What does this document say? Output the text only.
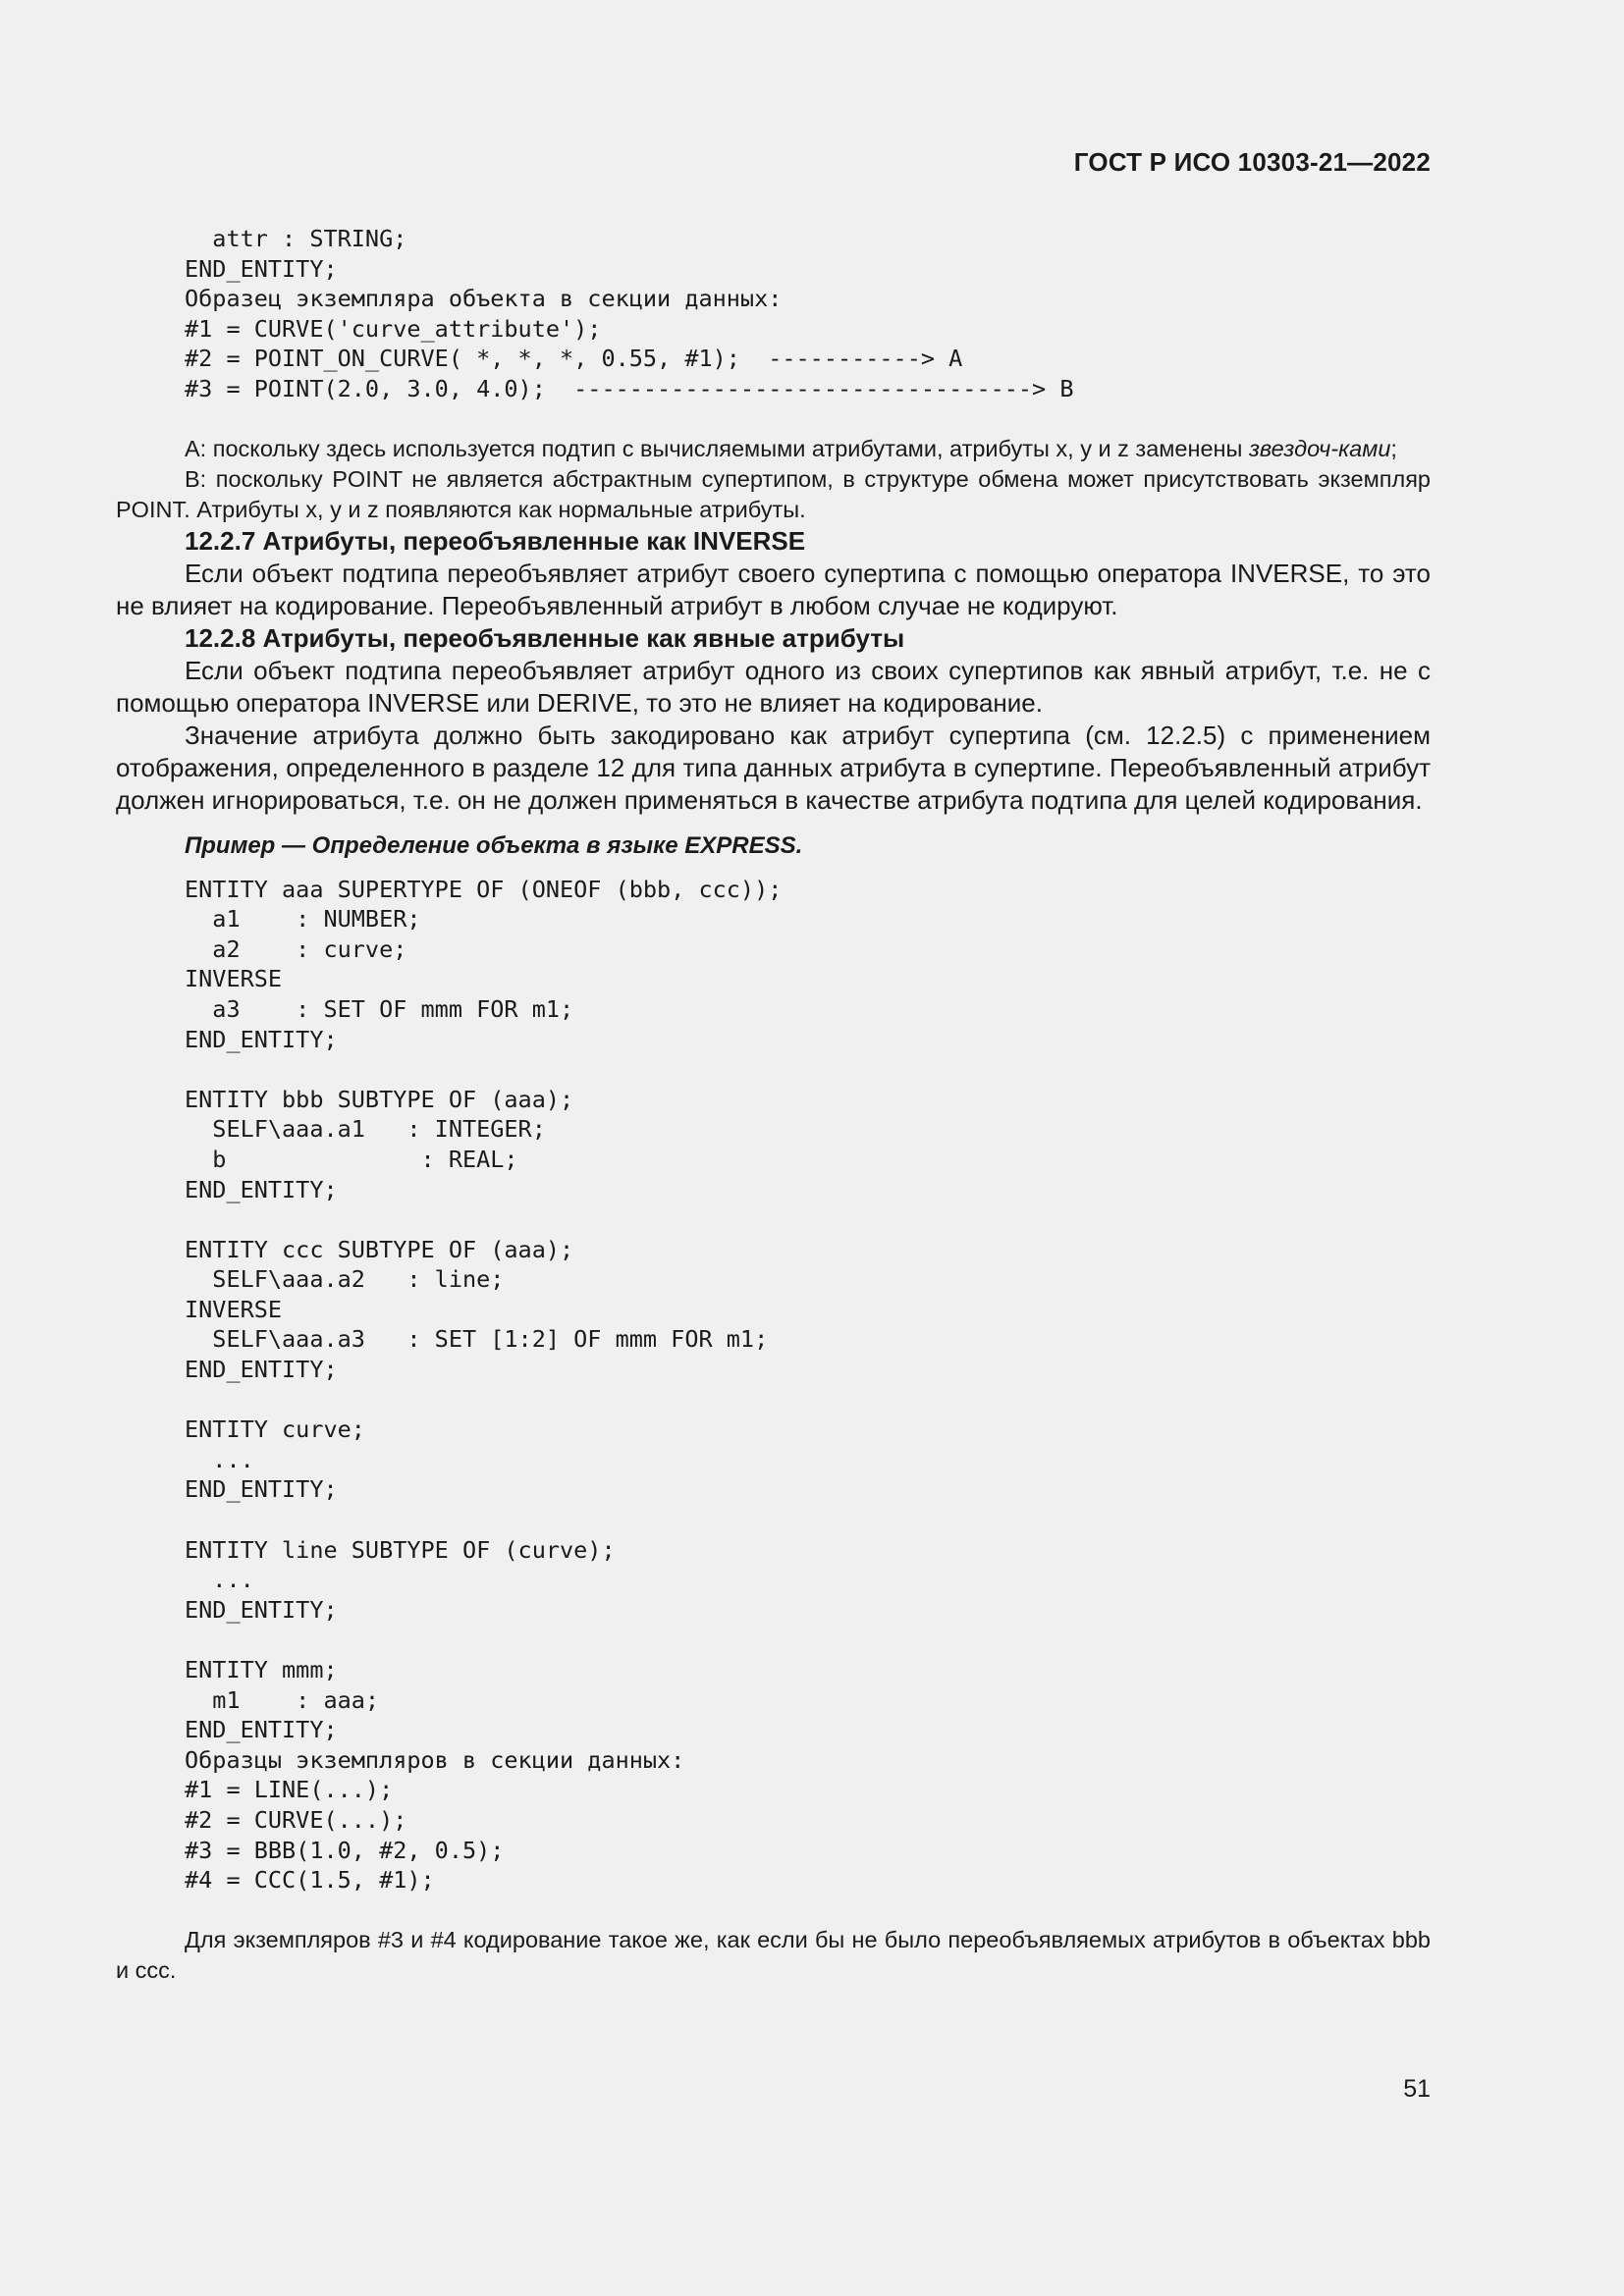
ГОСТ Р ИСО 10303-21—2022
attr : STRING;
END_ENTITY;
Образец экземпляра объекта в секции данных:
#1 = CURVE('curve_attribute');
#2 = POINT_ON_CURVE( *, *, *, 0.55, #1);  -----------> A
#3 = POINT(2.0, 3.0, 4.0);  ---------------------------------> B

A: поскольку здесь используется подтип с вычисляемыми атрибутами, атрибуты x, y и z заменены звездоч-ками;

B: поскольку POINT не является абстрактным супертипом, в структуре обмена может присутствовать экземпляр POINT. Атрибуты x, y и z появляются как нормальные атрибуты.

12.2.7 Атрибуты, переобъявленные как INVERSE

Если объект подтипа переобъявляет атрибут своего супертипа с помощью оператора INVERSE, то это не влияет на кодирование. Переобъявленный атрибут в любом случае не кодируют.

12.2.8 Атрибуты, переобъявленные как явные атрибуты

Если объект подтипа переобъявляет атрибут одного из своих супертипов как явный атрибут, т.е. не с помощью оператора INVERSE или DERIVE, то это не влияет на кодирование.

Значение атрибута должно быть закодировано как атрибут супертипа (см. 12.2.5) с применением отображения, определенного в разделе 12 для типа данных атрибута в супертипе. Переобъявленный атрибут должен игнорироваться, т.е. он не должен применяться в качестве атрибута подтипа для целей кодирования.

Пример — Определение объекта в языке EXPRESS.

ENTITY aaa SUPERTYPE OF (ONEOF (bbb, ccc));
a1    : NUMBER;
a2    : curve;
INVERSE
a3    : SET OF mmm FOR m1;
END_ENTITY;

ENTITY bbb SUBTYPE OF (aaa);
SELF\aaa.a1   : INTEGER;
b              : REAL;
END_ENTITY;

ENTITY ccc SUBTYPE OF (aaa);
SELF\aaa.a2   : line;
INVERSE
SELF\aaa.a3   : SET [1:2] OF mmm FOR m1;
END_ENTITY;

ENTITY curve;
...
END_ENTITY;

ENTITY line SUBTYPE OF (curve);
...
END_ENTITY;

ENTITY mmm;
m1    : aaa;
END_ENTITY;
Образцы экземпляров в секции данных:
#1 = LINE(...);
#2 = CURVE(...);
#3 = BBB(1.0, #2, 0.5);
#4 = CCC(1.5, #1);

Для экземпляров #3 и #4 кодирование такое же, как если бы не было переобъявляемых атрибутов в объектах bbb и ccc.

51
